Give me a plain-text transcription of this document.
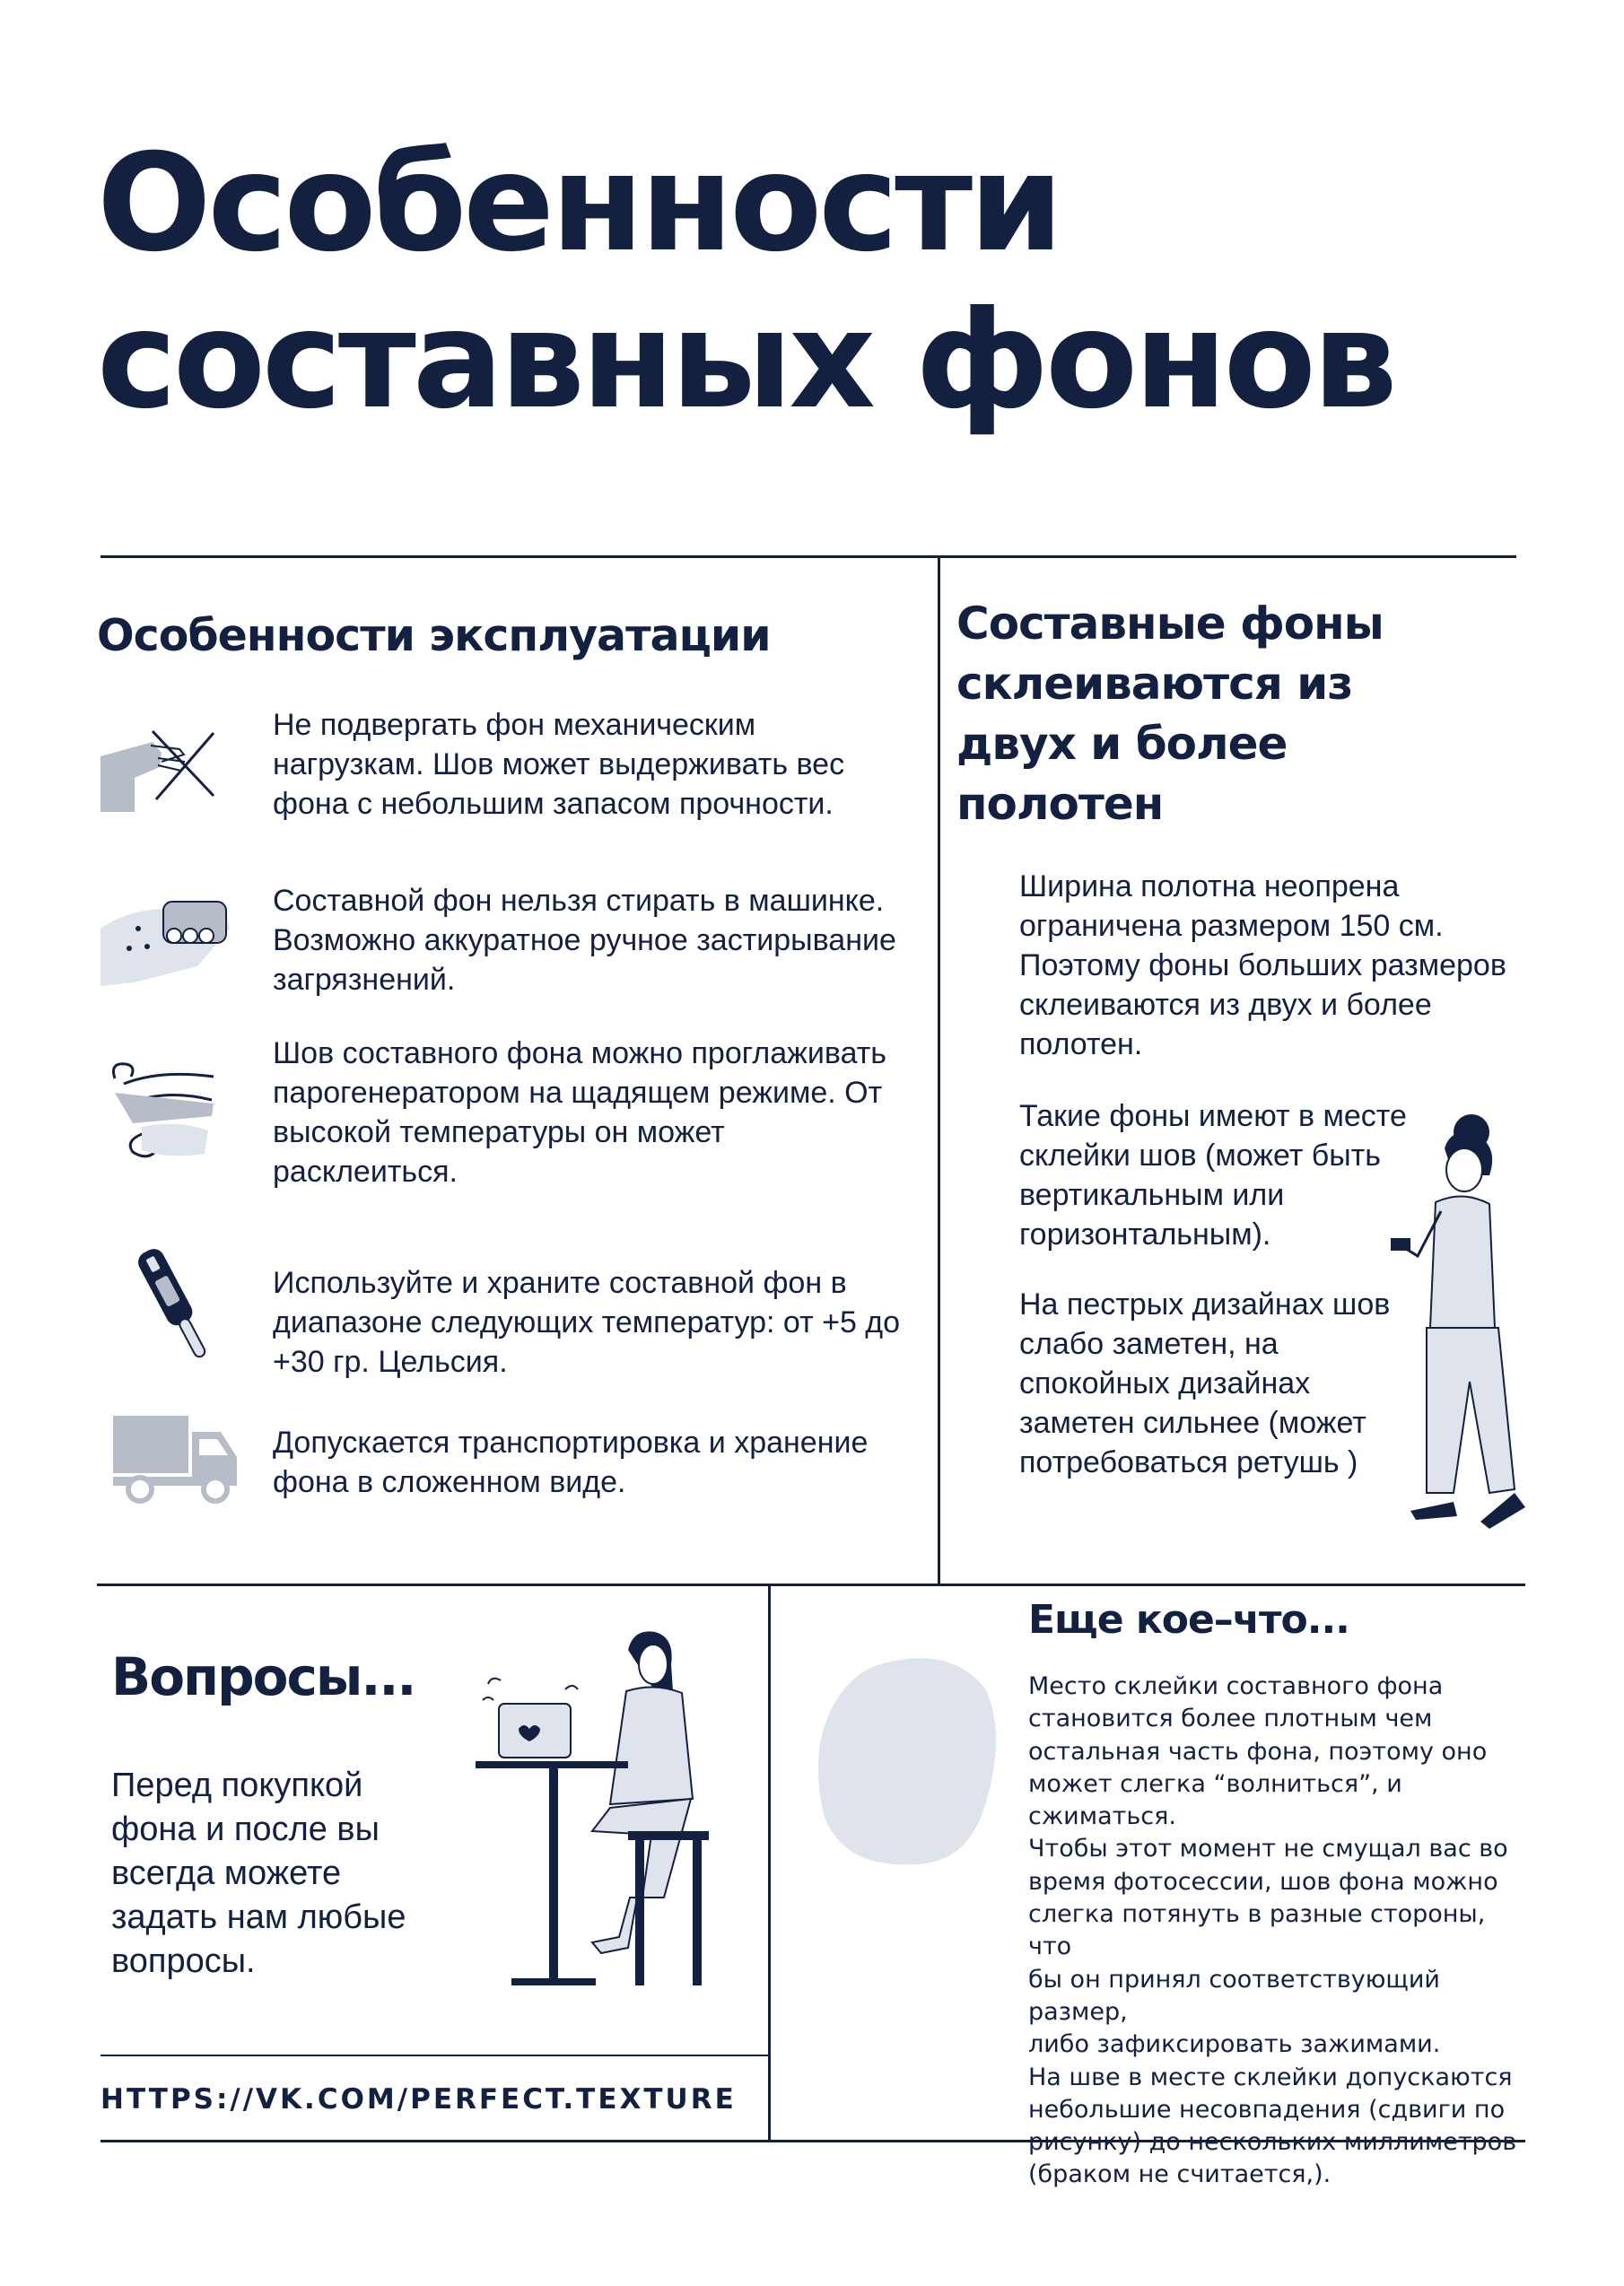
Особенности
составных фонов
Особенности эксплуатации

Не подвергать фон механическим нагрузкам. Шов может выдерживать вес фона с небольшим запасом прочности.

Составной фон нельзя стирать в машинке. Возможно аккуратное ручное застирывание загрязнений.

Шов составного фона можно проглаживать парогенератором на щадящем режиме. От высокой температуры он может расклеиться.

Используйте и храните составной фон в диапазоне следующих температур: от +5 до +30 гр. Цельсия.

Допускается транспортировка и хранение фона в сложенном виде.

Составные фоны склеиваются из двух и более полотен

Ширина полотна неопрена ограничена размером 150 см. Поэтому фоны больших размеров склеиваются из двух и более полотен.

Такие фоны имеют в месте склейки шов (может быть вертикальным или горизонтальным).

На пестрых дизайнах шов слабо заметен, на спокойных дизайнах заметен сильнее (может потребоваться ретушь )

Вопросы...

Перед покупкой фона и после вы всегда можете задать нам любые вопросы.

HTTPS://VK.COM/PERFECT.TEXTURE
Еще кое–что...
Место склейки составного фона
становится более плотным чем
остальная часть фона, поэтому оно
может слегка “волниться”, и сжиматься.
Чтобы этот момент не смущал вас во
время фотосессии, шов фона можно
слегка потянуть в разные стороны, что
бы он принял соответствующий размер,
либо зафиксировать зажимами.
На шве в месте склейки допускаются
небольшие несовпадения (сдвиги по
рисунку) до нескольких миллиметров
(браком не считается,).
